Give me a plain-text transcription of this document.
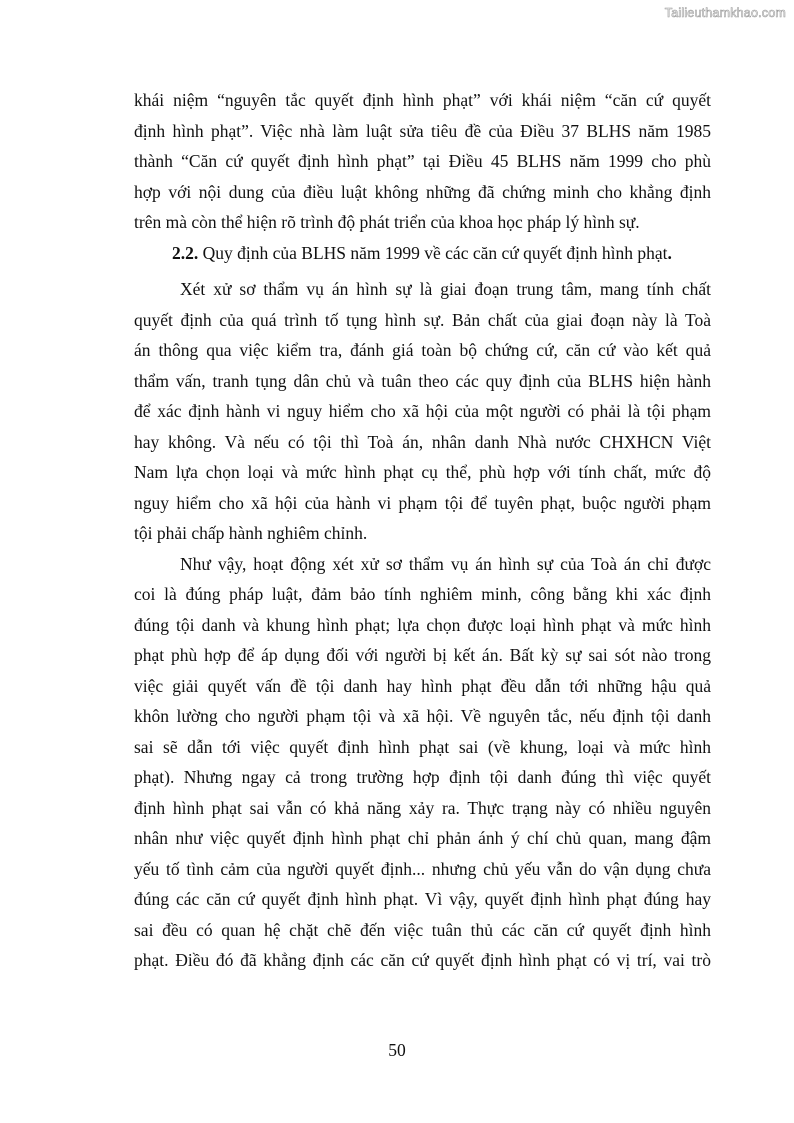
Tailieuthamkhao.com

khái niệm “nguyên tắc quyết định hình phạt” với khái niệm “căn cứ quyết

định hình phạt”. Việc nhà làm luật sửa tiêu đề của Điều 37 BLHS năm 1985

thành “Căn cứ quyết định hình phạt” tại Điều 45 BLHS năm 1999 cho phù

hợp với nội dung của điều luật không những đã chứng minh cho khẳng định

trên mà còn thể hiện rõ trình độ phát triển của khoa học pháp lý hình sự.

2.2. Quy định của BLHS năm 1999 về các căn cứ quyết định hình phạt.

Xét xử sơ thẩm vụ án hình sự là giai đoạn trung tâm, mang tính chất

quyết định của quá trình tố tụng hình sự. Bản chất của giai đoạn này là Toà

án thông qua việc kiểm tra, đánh giá toàn bộ chứng cứ, căn cứ vào kết quả

thẩm vấn, tranh tụng dân chủ và tuân theo các quy định của BLHS hiện hành

để xác định hành vi nguy hiểm cho xã hội của một người có phải là tội phạm

hay không. Và nếu có tội thì Toà án, nhân danh Nhà nước CHXHCN Việt

Nam lựa chọn loại và mức hình phạt cụ thể, phù hợp với tính chất, mức độ

nguy hiểm cho xã hội của hành vi phạm tội để tuyên phạt, buộc người phạm

tội phải chấp hành nghiêm chỉnh.

Như vậy, hoạt động xét xử sơ thẩm vụ án hình sự của Toà án chỉ được

coi là đúng pháp luật, đảm bảo tính nghiêm minh, công bằng khi xác định

đúng tội danh và khung hình phạt; lựa chọn được loại hình phạt và mức hình

phạt phù hợp để áp dụng đối với người bị kết án. Bất kỳ sự sai sót nào trong

việc giải quyết vấn đề tội danh hay hình phạt đều dẫn tới những hậu quả

khôn lường cho người phạm tội và xã hội. Về nguyên tắc, nếu định tội danh

sai sẽ dẫn tới việc quyết định hình phạt sai (về khung, loại và mức hình

phạt). Nhưng ngay cả trong trường hợp định tội danh đúng thì việc quyết

định hình phạt sai vẫn có khả năng xảy ra. Thực trạng này có nhiều nguyên

nhân như việc quyết định hình phạt chỉ phản ánh ý chí chủ quan, mang đậm

yếu tố tình cảm của người quyết định... nhưng chủ yếu vẫn do vận dụng chưa

đúng các căn cứ quyết định hình phạt. Vì vậy, quyết định hình phạt đúng hay

sai đều có quan hệ chặt chẽ đến việc tuân thủ các căn cứ quyết định hình

phạt. Điều đó đã khẳng định các căn cứ quyết định hình phạt có vị trí, vai trò

50
